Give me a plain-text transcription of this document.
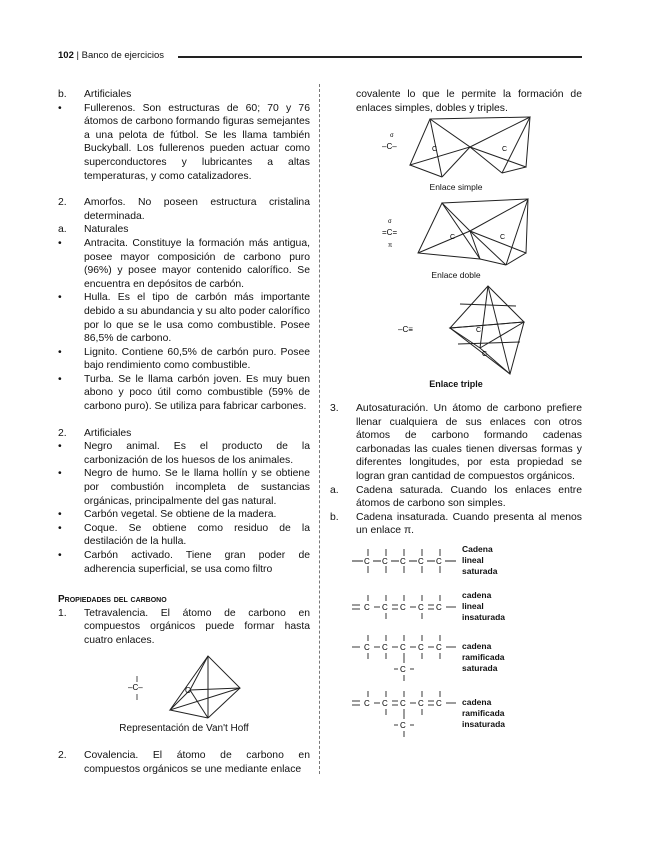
102 | Banco de ejercicios
b. Artificiales

• Fullerenos. Son estructuras de 60; 70 y 76 átomos de carbono formando figuras semejantes a una pelota de fútbol. Se les llama también Buckyball. Los fullerenos pueden actuar como superconductores y lubricantes a altas temperaturas, y como catalizadores.

2. Amorfos. No poseen estructura cristalina determinada.

a. Naturales

• Antracita. Constituye la formación más antigua, posee mayor composición de carbono puro (96%) y posee mayor contenido calorífico. Se encuentra en depósitos de carbón.

• Hulla. Es el tipo de carbón más importante debido a su abundancia y su alto poder calorífico por lo que se le usa como combustible. Posee 86,5% de carbono.

• Lignito. Contiene 60,5% de carbón puro. Posee bajo rendimiento como combustible.

• Turba. Se le llama carbón joven. Es muy buen abono y poco útil como combustible (59% de carbono puro). Se utiliza para fabricar carbones.

2. Artificiales

• Negro animal. Es el producto de la carbonización de los huesos de los animales.

• Negro de humo. Se le llama hollín y se obtiene por combustión incompleta de sustancias orgánicas, principalmente del gas natural.

• Carbón vegetal. Se obtiene de la madera.

• Coque. Se obtiene como residuo de la destilación de la hulla.

• Carbón activado. Tiene gran poder de adherencia superficial, se usa como filtro

Propiedades del carbono
1. Tetravalencia. El átomo de carbono en compuestos orgánicos puede formar hasta cuatro enlaces.

–C–	C
Representación de Van't Hoff
2. Covalencia. El átomo de carbono en compuestos orgánicos se une mediante enlace

covalente lo que le permite la formación de enlaces simples, dobles y triples.

–C–
σ
C	C
Enlace simple
=C=
σ
π
C	C
Enlace doble
–C≡	C
C
Enlace triple
3. Autosaturación. Un átomo de carbono prefiere llenar cualquiera de sus enlaces con otros átomos de carbono formando cadenas carbonadas las cuales tienen diversas formas y diferentes longitudes, por esta propiedad se logran gran cantidad de compuestos orgánicos.

a. Cadena saturada. Cuando los enlaces entre átomos de carbono son simples.

b. Cadena insaturada. Cuando presenta al menos un enlace π.

C C C C C
Cadena
lineal
saturada
C C C C C
cadena
lineal
insaturada
C C C C C
C
cadena
ramificada
saturada
C C C C C
C
cadena
ramificada
insaturada
